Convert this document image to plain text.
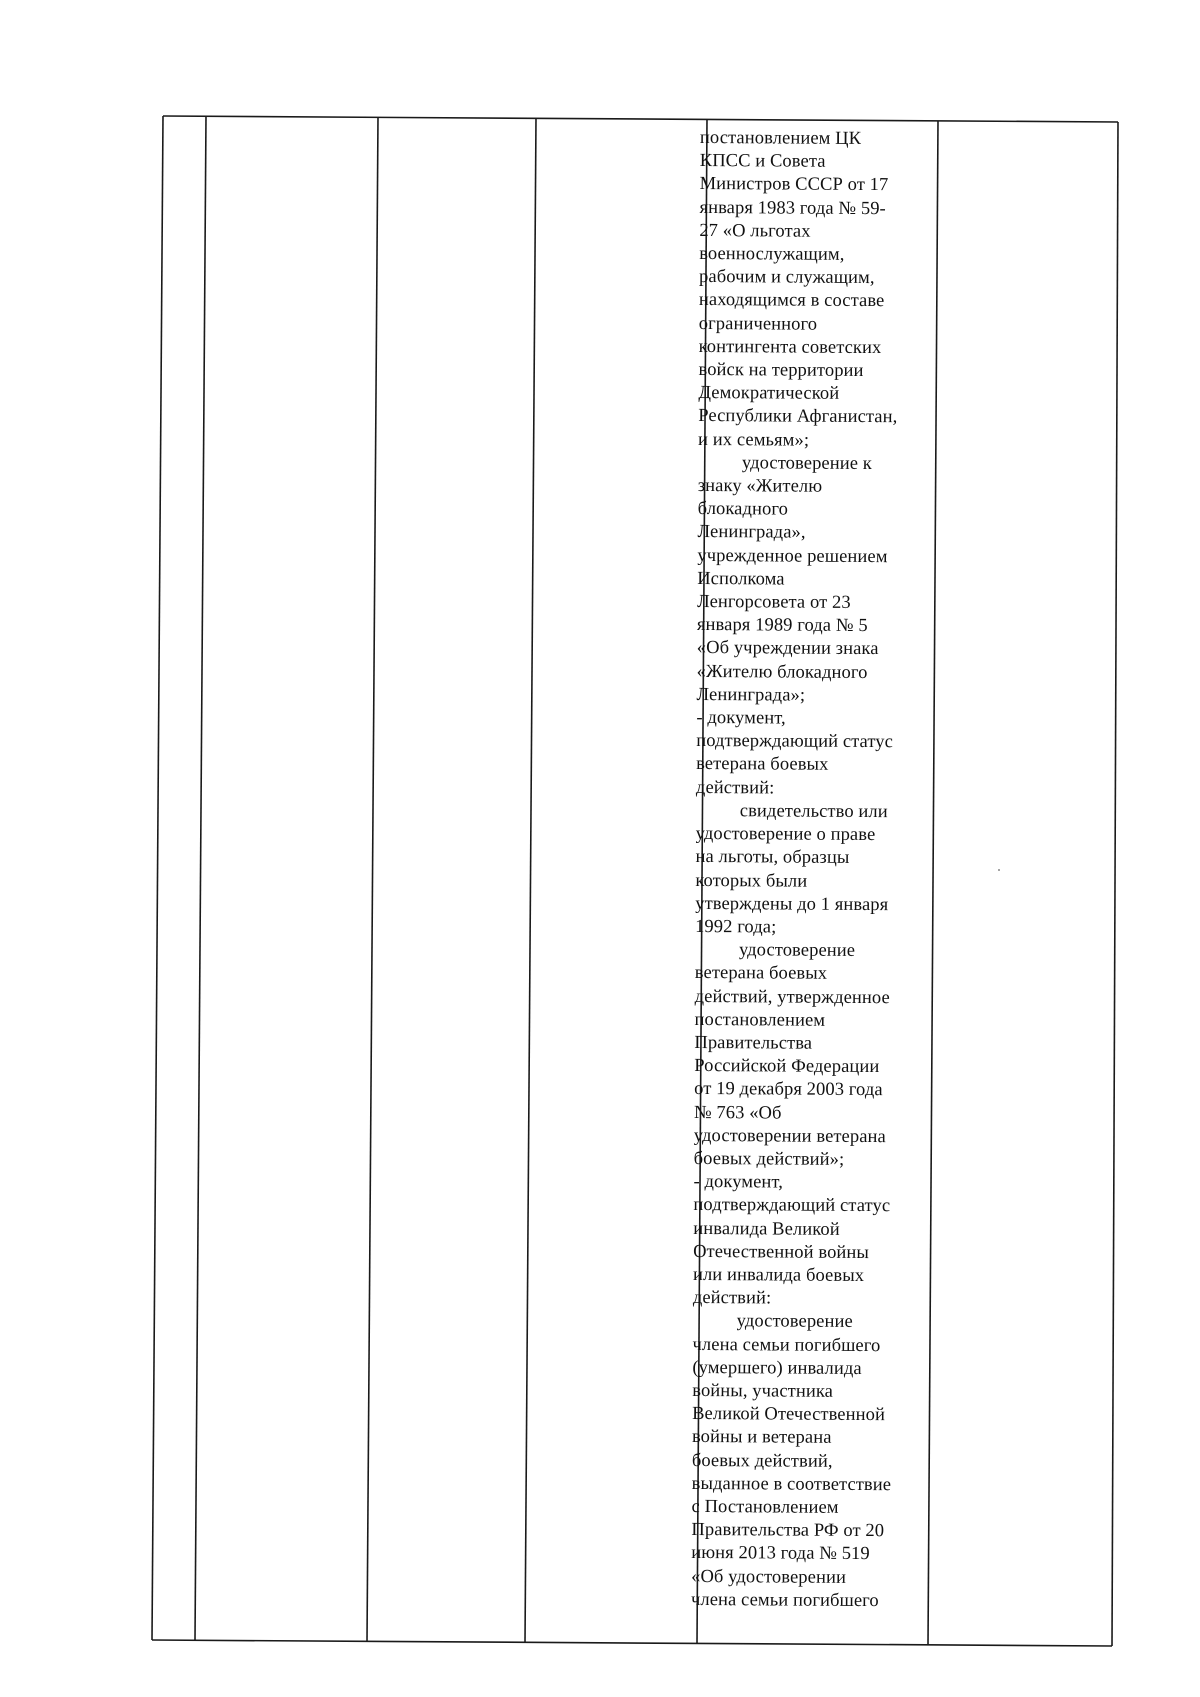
постановлением ЦК
КПСС и Совета
Министров СССР от 17
января 1983 года № 59-
27 «О льготах
военнослужащим,
рабочим и служащим,
находящимся в составе
ограниченного
контингента советских
войск на территории
Демократической
Республики Афганистан,
и их семьям»;
удостоверение к
знаку «Жителю
блокадного
Ленинграда»,
учрежденное решением
Исполкома
Ленгорсовета от 23
января 1989 года № 5
«Об учреждении знака
«Жителю блокадного
Ленинграда»;
- документ,
подтверждающий статус
ветерана боевых
действий:
свидетельство или
удостоверение о праве
на льготы, образцы
которых были
утверждены до 1 января
1992 года;
удостоверение
ветерана боевых
действий, утвержденное
постановлением
Правительства
Российской Федерации
от 19 декабря 2003 года
№ 763 «Об
удостоверении ветерана
боевых действий»;
- документ,
подтверждающий статус
инвалида Великой
Отечественной войны
или инвалида боевых
действий:
удостоверение
члена семьи погибшего
(умершего) инвалида
войны, участника
Великой Отечественной
войны и ветерана
боевых действий,
выданное в соответствие
с Постановлением
Правительства РФ от 20
июня 2013 года № 519
«Об удостоверении
члена семьи погибшего
